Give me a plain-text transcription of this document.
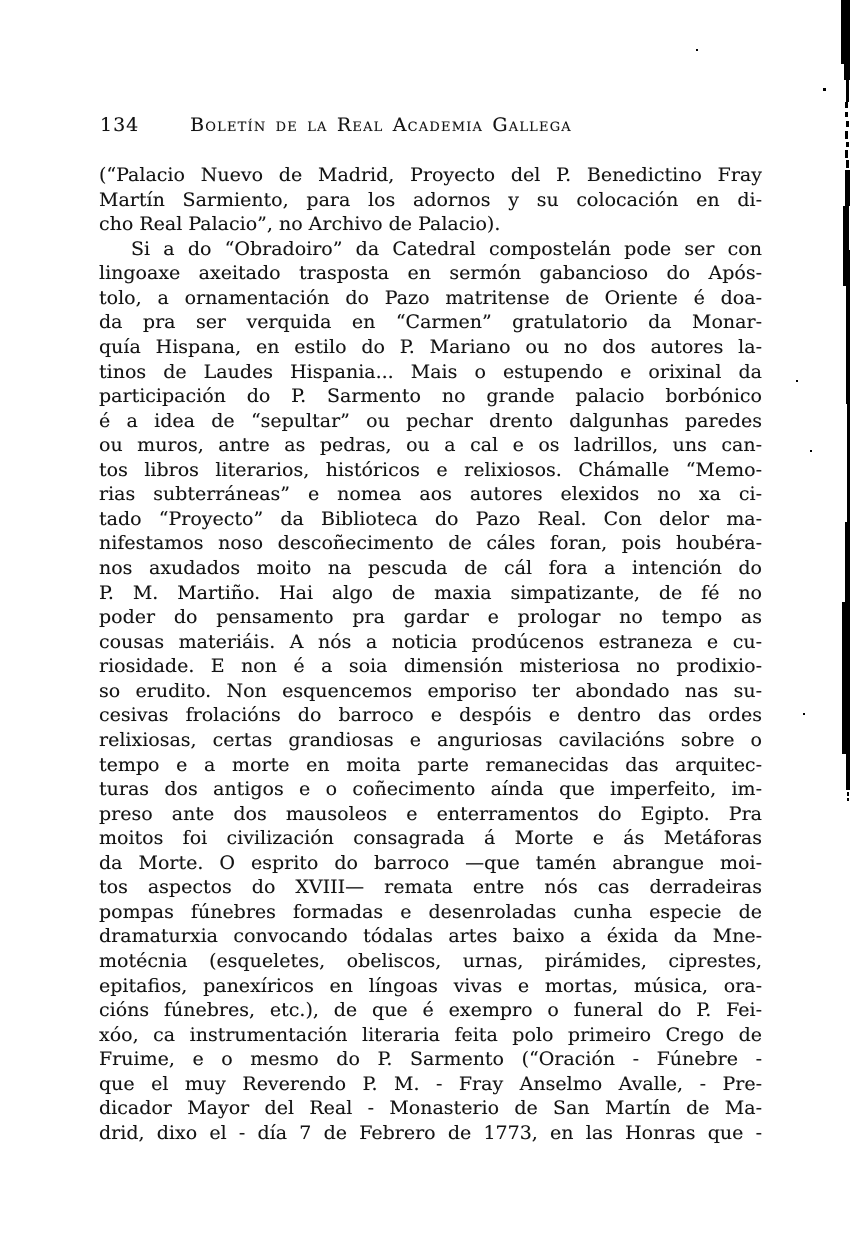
134	Boletín de la Real Academia Gallega
(“Palacio Nuevo de Madrid, Proyecto del P. Benedictino Fray
Martín Sarmiento, para los adornos y su colocación en di-
cho Real Palacio”, no Archivo de Palacio).
Si a do “Obradoiro” da Catedral compostelán pode ser con
lingoaxe axeitado trasposta en sermón gabancioso do Após-
tolo, a ornamentación do Pazo matritense de Oriente é doa-
da pra ser verquida en “Carmen” gratulatorio da Monar-
quía Hispana, en estilo do P. Mariano ou no dos autores la-
tinos de Laudes Hispania... Mais o estupendo e orixinal da
participación do P. Sarmento no grande palacio borbónico
é a idea de “sepultar” ou pechar drento dalgunhas paredes
ou muros, antre as pedras, ou a cal e os ladrillos, uns can-
tos libros literarios, históricos e relixiosos. Chámalle “Memo-
rias subterráneas” e nomea aos autores elexidos no xa ci-
tado “Proyecto” da Biblioteca do Pazo Real. Con delor ma-
nifestamos noso descoñecimento de cáles foran, pois houbéra-
nos axudados moito na pescuda de cál fora a intención do
P. M. Martiño. Hai algo de maxia simpatizante, de fé no
poder do pensamento pra gardar e prologar no tempo as
cousas materiáis. A nós a noticia prodúcenos estraneza e cu-
riosidade. E non é a soia dimensión misteriosa no prodixio-
so erudito. Non esquencemos emporiso ter abondado nas su-
cesivas frolacións do barroco e despóis e dentro das ordes
relixiosas, certas grandiosas e anguriosas cavilacións sobre o
tempo e a morte en moita parte remanecidas das arquitec-
turas dos antigos e o coñecimento aínda que imperfeito, im-
preso ante dos mausoleos e enterramentos do Egipto. Pra
moitos foi civilización consagrada á Morte e ás Metáforas
da Morte. O esprito do barroco —que tamén abrangue moi-
tos aspectos do XVIII— remata entre nós cas derradeiras
pompas fúnebres formadas e desenroladas cunha especie de
dramaturxia convocando tódalas artes baixo a éxida da Mne-
motécnia (esqueletes, obeliscos, urnas, pirámides, ciprestes,
epitafios, panexíricos en língoas vivas e mortas, música, ora-
cións fúnebres, etc.), de que é exempro o funeral do P. Fei-
xóo, ca instrumentación literaria feita polo primeiro Crego de
Fruime, e o mesmo do P. Sarmento (“Oración - Fúnebre -
que el muy Reverendo P. M. - Fray Anselmo Avalle, - Pre-
dicador Mayor del Real - Monasterio de San Martín de Ma-
drid, dixo el - día 7 de Febrero de 1773, en las Honras que -
